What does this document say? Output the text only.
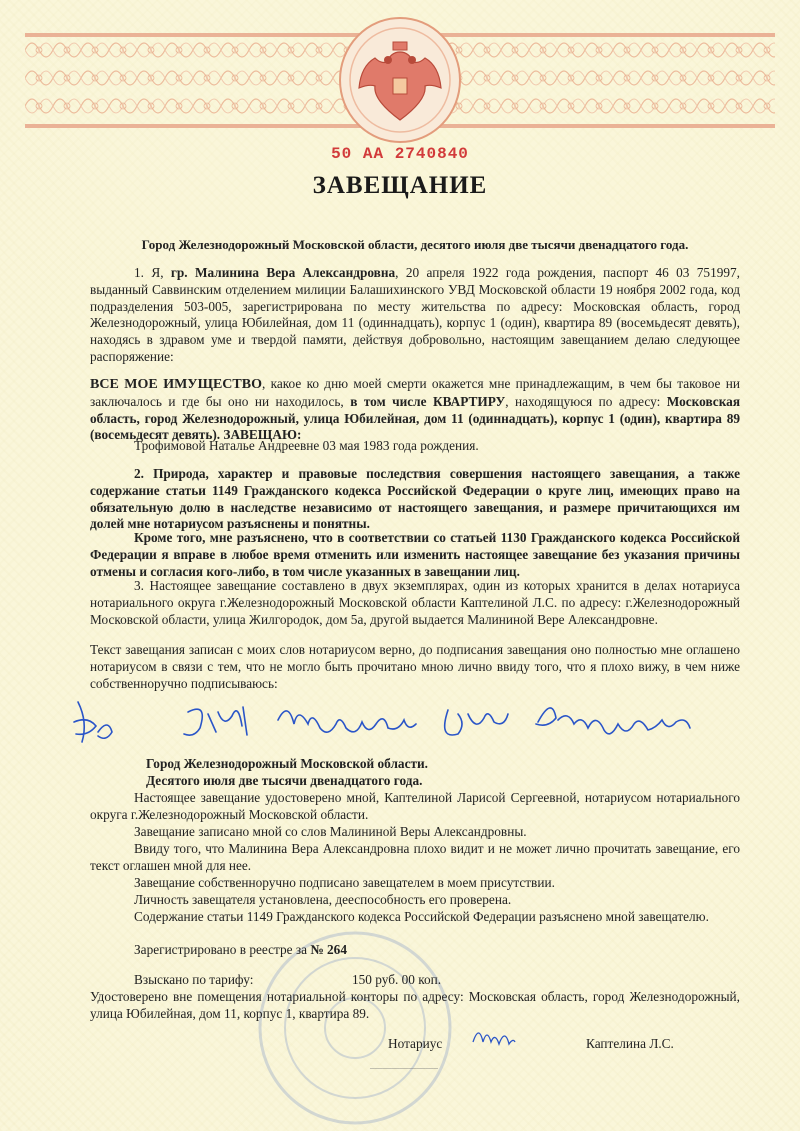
50 АА 2740840
ЗАВЕЩАНИЕ
Город Железнодорожный Московской области, десятого июля две тысячи двенадцатого года.
1. Я, гр. Малинина Вера Александровна, 20 апреля 1922 года рождения, паспорт 46 03 751997, выданный Саввинским отделением милиции Балашихинского УВД Московской области 19 ноября 2002 года, код подразделения 503-005, зарегистрирована по месту жительства по адресу: Московская область, город Железнодорожный, улица Юбилейная, дом 11 (одиннадцать), корпус 1 (один), квартира 89 (восемьдесят девять), находясь в здравом уме и твердой памяти, действуя добровольно, настоящим завещанием делаю следующее распоряжение:
ВСЕ МОЕ ИМУЩЕСТВО, какое ко дню моей смерти окажется мне принадлежащим, в чем бы таковое ни заключалось и где бы оно ни находилось, в том числе КВАРТИРУ, находящуюся по адресу: Московская область, город Железнодорожный, улица Юбилейная, дом 11 (одиннадцать), корпус 1 (один), квартира 89 (восемьдесят девять). ЗАВЕЩАЮ:
Трофимовой Наталье Андреевне 03 мая 1983 года рождения.
2. Природа, характер и правовые последствия совершения настоящего завещания, а также содержание статьи 1149 Гражданского кодекса Российской Федерации о круге лиц, имеющих право на обязательную долю в наследстве независимо от настоящего завещания, и размере причитающихся им долей мне нотариусом разъяснены и понятны.
Кроме того, мне разъяснено, что в соответствии со статьей 1130 Гражданского кодекса Российской Федерации я вправе в любое время отменить или изменить настоящее завещание без указания причины отмены и согласия кого-либо, в том числе указанных в завещании лиц.
3. Настоящее завещание составлено в двух экземплярах, один из которых хранится в делах нотариуса нотариального округа г.Железнодорожный Московской области Каптелиной Л.С. по адресу: г.Железнодорожный Московской области, улица Жилгородок, дом 5а, другой выдается Малининой Вере Александровне.
Текст завещания записан с моих слов нотариусом верно, до подписания завещания оно полностью мне оглашено нотариусом в связи с тем, что не могло быть прочитано мною лично ввиду того, что я плохо вижу, в чем ниже собственноручно подписываюсь:
Город Железнодорожный Московской области.
Десятого июля две тысячи двенадцатого года.
Настоящее завещание удостоверено мной, Каптелиной Ларисой Сергеевной, нотариусом нотариального округа г.Железнодорожный Московской области.
Завещание записано мной со слов Малининой Веры Александровны.
Ввиду того, что Малинина Вера Александровна плохо видит и не может лично прочитать завещание, его текст оглашен мной для нее.
Завещание собственноручно подписано завещателем в моем присутствии.
Личность завещателя установлена, дееспособность его проверена.
Содержание статьи 1149 Гражданского кодекса Российской Федерации разъяснено мной завещателю.
Зарегистрировано в реестре за № 264
Взыскано по тарифу:	150 руб. 00 коп.
Удостоверено вне помещения нотариальной конторы по адресу: Московская область, город Железнодорожный, улица Юбилейная, дом 11, корпус 1, квартира 89.
Нотариус	Каптелина Л.С.
────────────────
